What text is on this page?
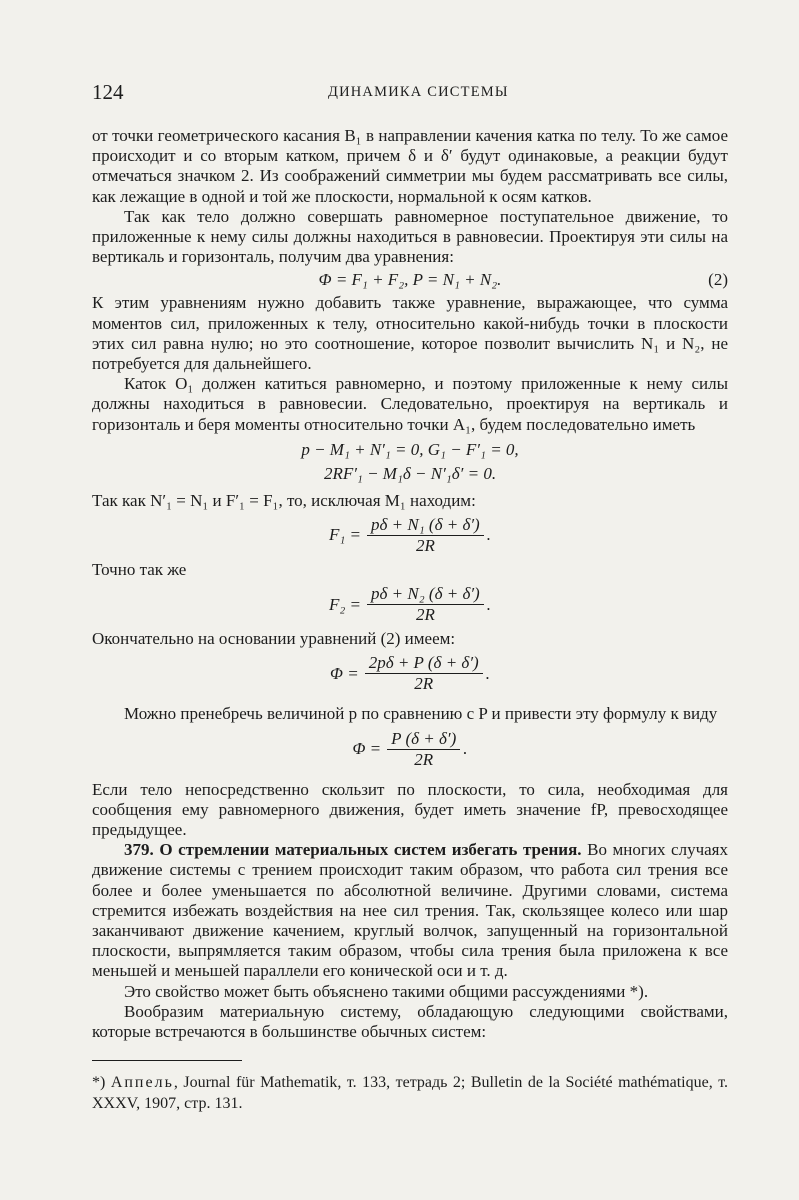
124	ДИНАМИКА СИСТЕМЫ

от точки геометрического касания B₁ в направлении качения катка по телу. То же самое происходит и со вторым катком, причем δ и δ′ будут одинаковые, а реакции будут отмечаться значком 2. Из соображений симметрии мы будем рассматривать все силы, как лежащие в одной и той же плоскости, нормальной к осям катков.

Так как тело должно совершать равномерное поступательное движение, то приложенные к нему силы должны находиться в равновесии. Проектируя эти силы на вертикаль и горизонталь, получим два уравнения:

Φ = F₁ + F₂, P = N₁ + N₂.	(2)

К этим уравнениям нужно добавить также уравнение, выражающее, что сумма моментов сил, приложенных к телу, относительно какой-нибудь точки в плоскости этих сил равна нулю; но это соотношение, которое позволит вычислить N₁ и N₂, не потребуется для дальнейшего.

Каток O₁ должен катиться равномерно, и поэтому приложенные к нему силы должны находиться в равновесии. Следовательно, проектируя на вертикаль и горизонталь и беря моменты относительно точки A₁, будем последовательно иметь

p − M₁ + N′₁ = 0, G₁ − F′₁ = 0,
2RF′₁ − M₁δ − N′₁δ′ = 0.

Так как N′₁ = N₁ и F′₁ = F₁, то, исключая M₁ находим:

$F_1 = \frac{\text{pδ + N₁ (δ + δ′)}}{2R}$ .

Точно так же

$F_2 = \frac{\text{pδ + N₂ (δ + δ′)}}{2R}$ .

Окончательно на основании уравнений (2) имеем:

$\Phi = \frac{2p\delta + P (\delta + \delta')}{2R}$ .

Можно пренебречь величиной p по сравнению с P и привести эту формулу к виду

$\Phi = \frac{P (\delta + \delta')}{2R}$ .

Если тело непосредственно скользит по плоскости, то сила, необходимая для сообщения ему равномерного движения, будет иметь значение fP, превосходящее предыдущее.

379. О стремлении материальных систем избегать трения. Во многих случаях движение системы с трением происходит таким образом, что работа сил трения все более и более уменьшается по абсолютной величине. Другими словами, система стремится избежать воздействия на нее сил трения. Так, скользящее колесо или шар заканчивают движение качением, круглый волчок, запущенный на горизонтальной плоскости, выпрямляется таким образом, чтобы сила трения была приложена к все меньшей и меньшей параллели его конической оси и т. д.

Это свойство может быть объяснено такими общими рассуждениями *).

Вообразим материальную систему, обладающую следующими свойствами, которые встречаются в большинстве обычных систем:

*) Аппель, Journal für Mathematik, т. 133, тетрадь 2; Bulletin de la Société mathématique, т. XXXV, 1907, стр. 131.
